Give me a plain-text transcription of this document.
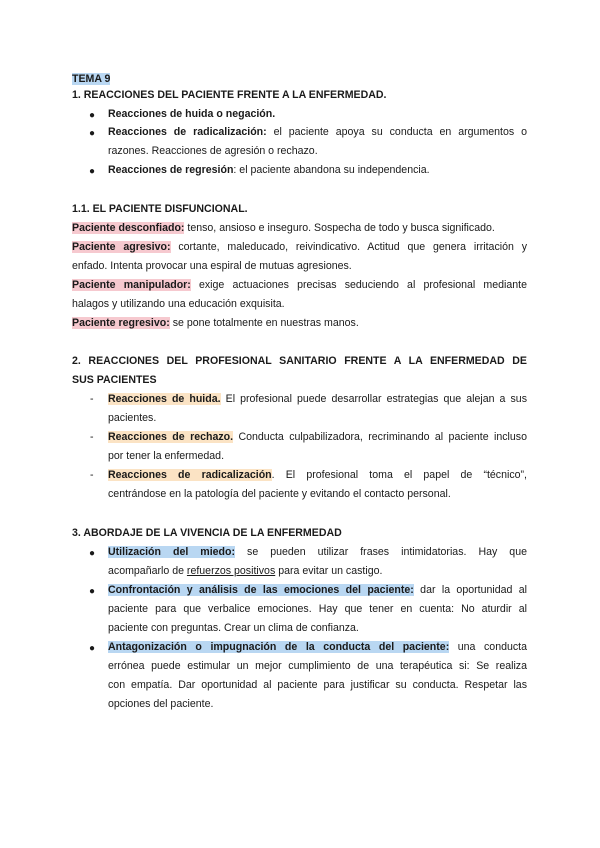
TEMA 9
1. REACCIONES DEL PACIENTE FRENTE A LA ENFERMEDAD.
● Reacciones de huida o negación.
● Reacciones de radicalización: el paciente apoya su conducta en argumentos o
razones. Reacciones de agresión o rechazo.
● Reacciones de regresión: el paciente abandona su independencia.
1.1. EL PACIENTE DISFUNCIONAL.
Paciente desconfiado: tenso, ansioso e inseguro. Sospecha de todo y busca significado.
Paciente agresivo: cortante, maleducado, reivindicativo. Actitud que genera irritación y
enfado. Intenta provocar una espiral de mutuas agresiones.
Paciente manipulador: exige actuaciones precisas seduciendo al profesional mediante
halagos y utilizando una educación exquisita.
Paciente regresivo: se pone totalmente en nuestras manos.
2. REACCIONES DEL PROFESIONAL SANITARIO FRENTE A LA ENFERMEDAD DE
SUS PACIENTES
- Reacciones de huida. El profesional puede desarrollar estrategias que alejan a sus
pacientes.
- Reacciones de rechazo. Conducta culpabilizadora, recriminando al paciente incluso
por tener la enfermedad.
- Reacciones de radicalización. El profesional toma el papel de “técnico”,
centrándose en la patología del paciente y evitando el contacto personal.
3. ABORDAJE DE LA VIVENCIA DE LA ENFERMEDAD
● Utilización del miedo: se pueden utilizar frases intimidatorias. Hay que
acompañarlo de refuerzos positivos para evitar un castigo.
● Confrontación y análisis de las emociones del paciente: dar la oportunidad al
paciente para que verbalice emociones. Hay que tener en cuenta: No aturdir al
paciente con preguntas. Crear un clima de confianza.
● Antagonización o impugnación de la conducta del paciente: una conducta
errónea puede estimular un mejor cumplimiento de una terapéutica si: Se realiza
con empatía. Dar oportunidad al paciente para justificar su conducta. Respetar las
opciones del paciente.
